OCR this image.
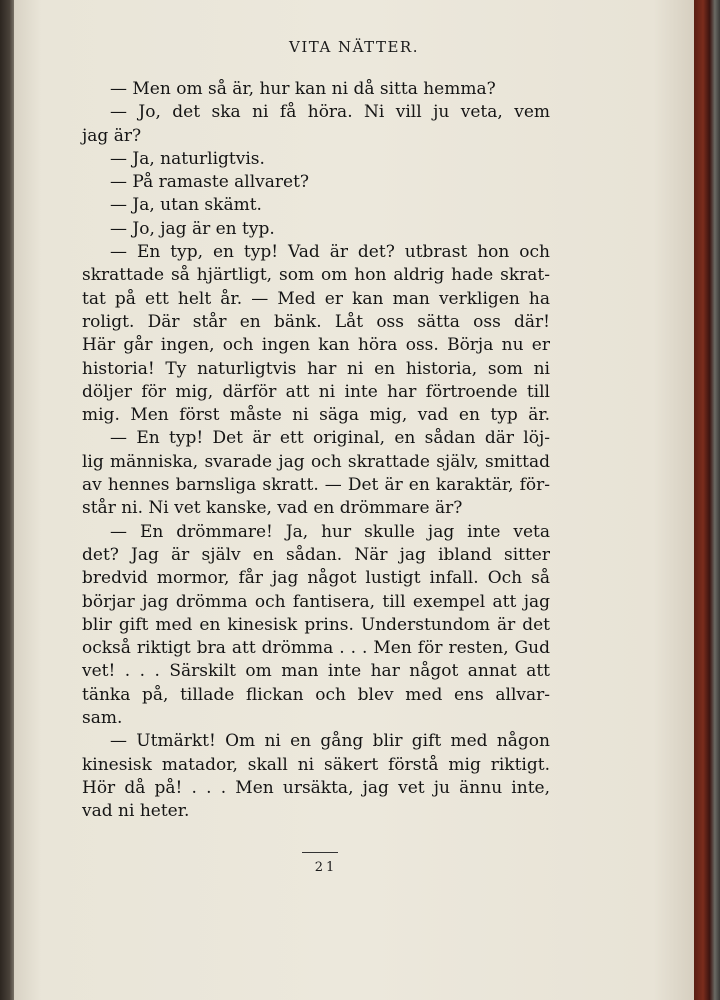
VITA NÄTTER.
— Men om så är, hur kan ni då sitta hemma?
— Jo, det ska ni få höra. Ni vill ju veta, vem
jag är?
— Ja, naturligtvis.
— På ramaste allvaret?
— Ja, utan skämt.
— Jo, jag är en typ.
— En typ, en typ! Vad är det? utbrast hon och
skrattade så hjärtligt, som om hon aldrig hade skrat-
tat på ett helt år. — Med er kan man verkligen ha
roligt. Där står en bänk. Låt oss sätta oss där!
Här går ingen, och ingen kan höra oss. Börja nu er
historia! Ty naturligtvis har ni en historia, som ni
döljer för mig, därför att ni inte har förtroende till
mig. Men först måste ni säga mig, vad en typ är.
— En typ! Det är ett original, en sådan där löj-
lig människa, svarade jag och skrattade själv, smittad
av hennes barnsliga skratt. — Det är en karaktär, för-
står ni. Ni vet kanske, vad en drömmare är?
— En drömmare! Ja, hur skulle jag inte veta
det? Jag är själv en sådan. När jag ibland sitter
bredvid mormor, får jag något lustigt infall. Och så
börjar jag drömma och fantisera, till exempel att jag
blir gift med en kinesisk prins. Understundom är det
också riktigt bra att drömma . . . Men för resten, Gud
vet! . . . Särskilt om man inte har något annat att
tänka på, tillade flickan och blev med ens allvar-
sam.
— Utmärkt! Om ni en gång blir gift med någon
kinesisk matador, skall ni säkert förstå mig riktigt.
Hör då på! . . . Men ursäkta, jag vet ju ännu inte,
vad ni heter.
21
